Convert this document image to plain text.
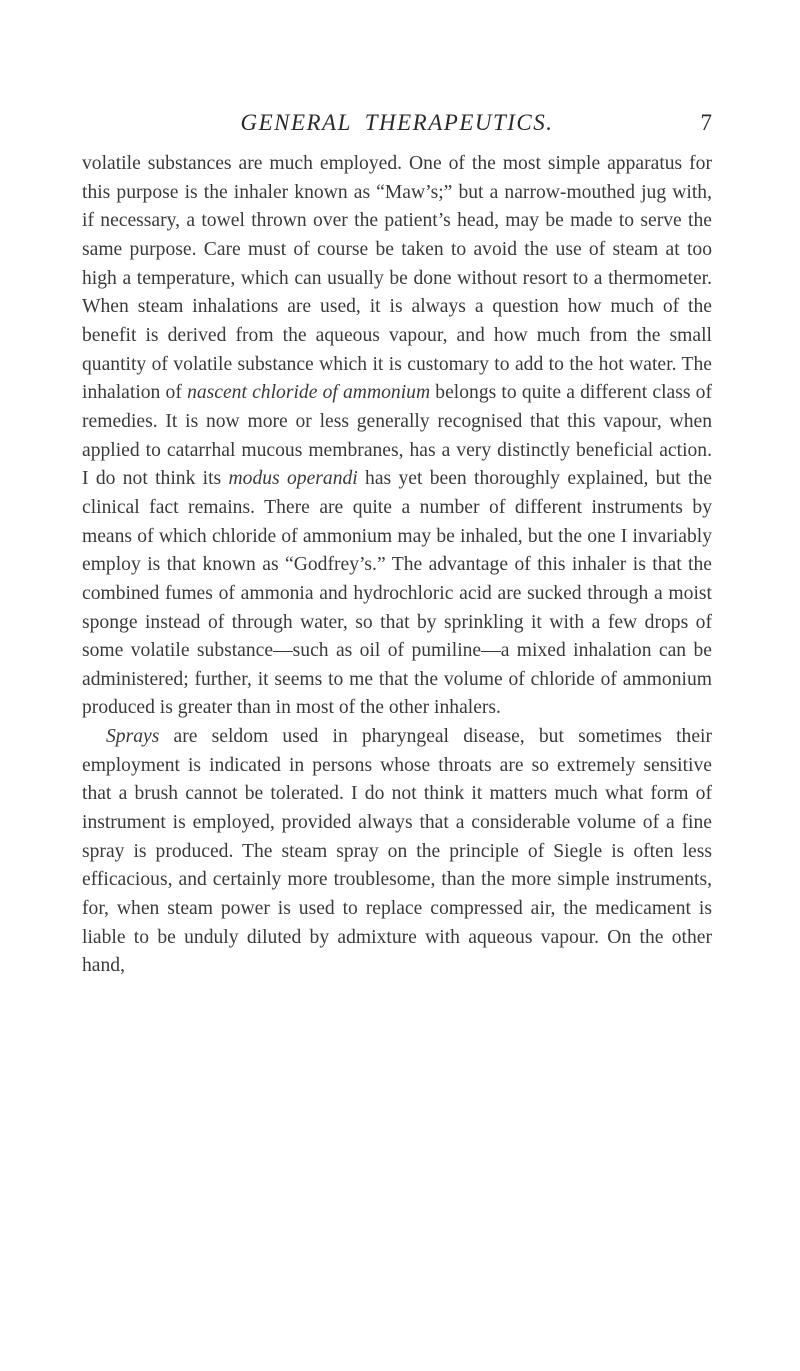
GENERAL THERAPEUTICS.	7

volatile substances are much employed. One of the most simple apparatus for this purpose is the inhaler known as “Maw’s;” but a narrow-mouthed jug with, if necessary, a towel thrown over the patient’s head, may be made to serve the same purpose. Care must of course be taken to avoid the use of steam at too high a temperature, which can usually be done without resort to a thermometer. When steam inhalations are used, it is always a question how much of the benefit is derived from the aqueous vapour, and how much from the small quantity of volatile substance which it is customary to add to the hot water. The inhalation of nascent chloride of ammonium belongs to quite a different class of remedies. It is now more or less generally recognised that this vapour, when applied to catarrhal mucous membranes, has a very distinctly beneficial action. I do not think its modus operandi has yet been thoroughly explained, but the clinical fact remains. There are quite a number of different instruments by means of which chloride of ammonium may be inhaled, but the one I invariably employ is that known as “Godfrey’s.” The advantage of this inhaler is that the combined fumes of ammonia and hydrochloric acid are sucked through a moist sponge instead of through water, so that by sprinkling it with a few drops of some volatile substance—such as oil of pumiline—a mixed inhalation can be administered; further, it seems to me that the volume of chloride of ammonium produced is greater than in most of the other inhalers.

Sprays are seldom used in pharyngeal disease, but sometimes their employment is indicated in persons whose throats are so extremely sensitive that a brush cannot be tolerated. I do not think it matters much what form of instrument is employed, provided always that a considerable volume of a fine spray is produced. The steam spray on the principle of Siegle is often less efficacious, and certainly more troublesome, than the more simple instruments, for, when steam power is used to replace compressed air, the medicament is liable to be unduly diluted by admixture with aqueous vapour. On the other hand,
